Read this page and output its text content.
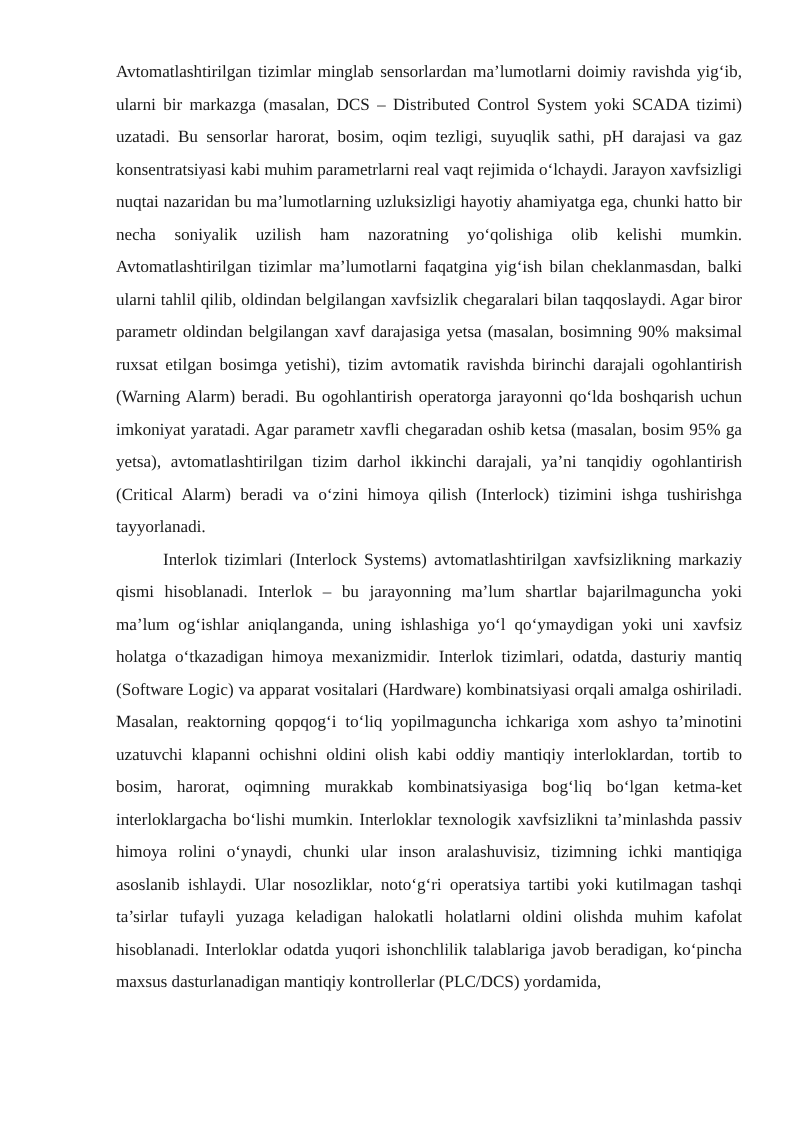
Avtomatlashtirilgan tizimlar minglab sensorlardan ma’lumotlarni doimiy ravishda yig‘ib, ularni bir markazga (masalan, DCS – Distributed Control System yoki SCADA tizimi) uzatadi. Bu sensorlar harorat, bosim, oqim tezligi, suyuqlik sathi, pH darajasi va gaz konsentratsiyasi kabi muhim parametrlarni real vaqt rejimida o‘lchaydi. Jarayon xavfsizligi nuqtai nazaridan bu ma’lumotlarning uzluksizligi hayotiy ahamiyatga ega, chunki hatto bir necha soniyalik uzilish ham nazoratning yo‘qolishiga olib kelishi mumkin. Avtomatlashtirilgan tizimlar ma’lumotlarni faqatgina yig‘ish bilan cheklanmasdan, balki ularni tahlil qilib, oldindan belgilangan xavfsizlik chegaralari bilan taqqoslaydi. Agar biror parametr oldindan belgilangan xavf darajasiga yetsa (masalan, bosimning 90% maksimal ruxsat etilgan bosimga yetishi), tizim avtomatik ravishda birinchi darajali ogohlantirish (Warning Alarm) beradi. Bu ogohlantirish operatorga jarayonni qo‘lda boshqarish uchun imkoniyat yaratadi. Agar parametr xavfli chegaradan oshib ketsa (masalan, bosim 95% ga yetsa), avtomatlashtirilgan tizim darhol ikkinchi darajali, ya’ni tanqidiy ogohlantirish (Critical Alarm) beradi va o‘zini himoya qilish (Interlock) tizimini ishga tushirishga tayyorlanadi.

Interlok tizimlari (Interlock Systems) avtomatlashtirilgan xavfsizlikning markaziy qismi hisoblanadi. Interlok – bu jarayonning ma’lum shartlar bajarilmaguncha yoki ma’lum og‘ishlar aniqlanganda, uning ishlashiga yo‘l qo‘ymaydigan yoki uni xavfsiz holatga o‘tkazadigan himoya mexanizmidir. Interlok tizimlari, odatda, dasturiy mantiq (Software Logic) va apparat vositalari (Hardware) kombinatsiyasi orqali amalga oshiriladi. Masalan, reaktorning qopqog‘i to‘liq yopilmaguncha ichkariga xom ashyo ta’minotini uzatuvchi klapanni ochishni oldini olish kabi oddiy mantiqiy interloklardan, tortib to bosim, harorat, oqimning murakkab kombinatsiyasiga bog‘liq bo‘lgan ketma-ket interloklargacha bo‘lishi mumkin. Interloklar texnologik xavfsizlikni ta’minlashda passiv himoya rolini o‘ynaydi, chunki ular inson aralashuvisiz, tizimning ichki mantiqiga asoslanib ishlaydi. Ular nosozliklar, noto‘g‘ri operatsiya tartibi yoki kutilmagan tashqi ta’sirlar tufayli yuzaga keladigan halokatli holatlarni oldini olishda muhim kafolat hisoblanadi. Interloklar odatda yuqori ishonchlilik talablariga javob beradigan, ko‘pincha maxsus dasturlanadigan mantiqiy kontrollerlar (PLC/DCS) yordamida,
